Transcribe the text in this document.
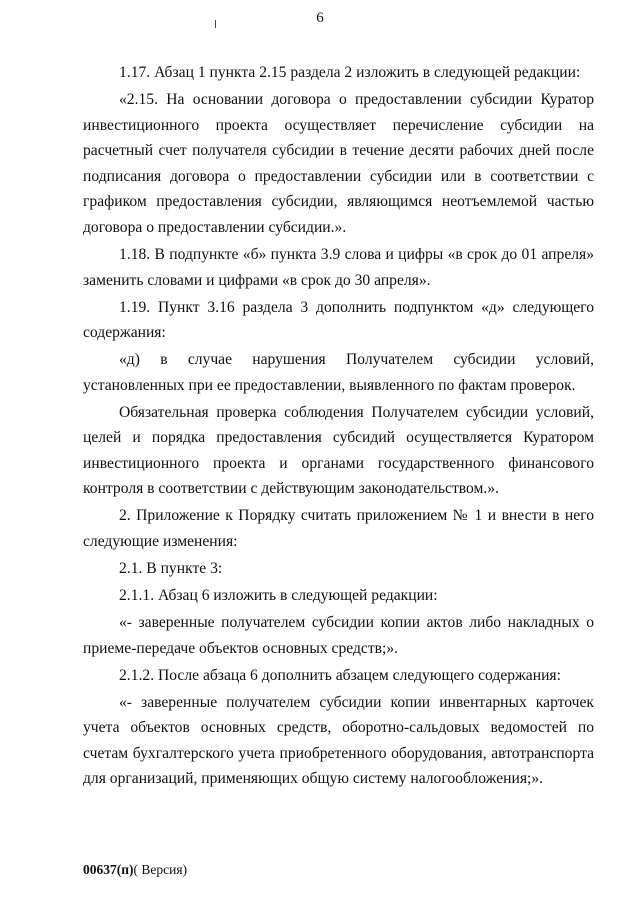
6

1.17. Абзац 1 пункта 2.15 раздела 2 изложить в следующей редакции:

«2.15. На основании договора о предоставлении субсидии Куратор инвестиционного проекта осуществляет перечисление субсидии на расчетный счет получателя субсидии в течение десяти рабочих дней после подписания договора о предоставлении субсидии или в соответствии с графиком предоставления субсидии, являющимся неотъемлемой частью договора о предоставлении субсидии.».

1.18. В подпункте «б» пункта 3.9 слова и цифры «в срок до 01 апреля» заменить словами и цифрами «в срок до 30 апреля».

1.19. Пункт 3.16 раздела 3 дополнить подпунктом «д» следующего содержания:

«д) в случае нарушения Получателем субсидии условий, установленных при ее предоставлении, выявленного по фактам проверок.

Обязательная проверка соблюдения Получателем субсидии условий, целей и порядка предоставления субсидий осуществляется Куратором инвестиционного проекта и органами государственного финансового контроля в соответствии с действующим законодательством.».

2. Приложение к Порядку считать приложением № 1 и внести в него следующие изменения:

2.1. В пункте 3:

2.1.1. Абзац 6 изложить в следующей редакции:

«- заверенные получателем субсидии копии актов либо накладных о приеме-передаче объектов основных средств;».

2.1.2. После абзаца 6 дополнить абзацем следующего содержания:

«- заверенные получателем субсидии копии инвентарных карточек учета объектов основных средств, оборотно-сальдовых ведомостей по счетам бухгалтерского учета приобретенного оборудования, автотранспорта для организаций, применяющих общую систему налогообложения;».

00637(п)( Версия)
